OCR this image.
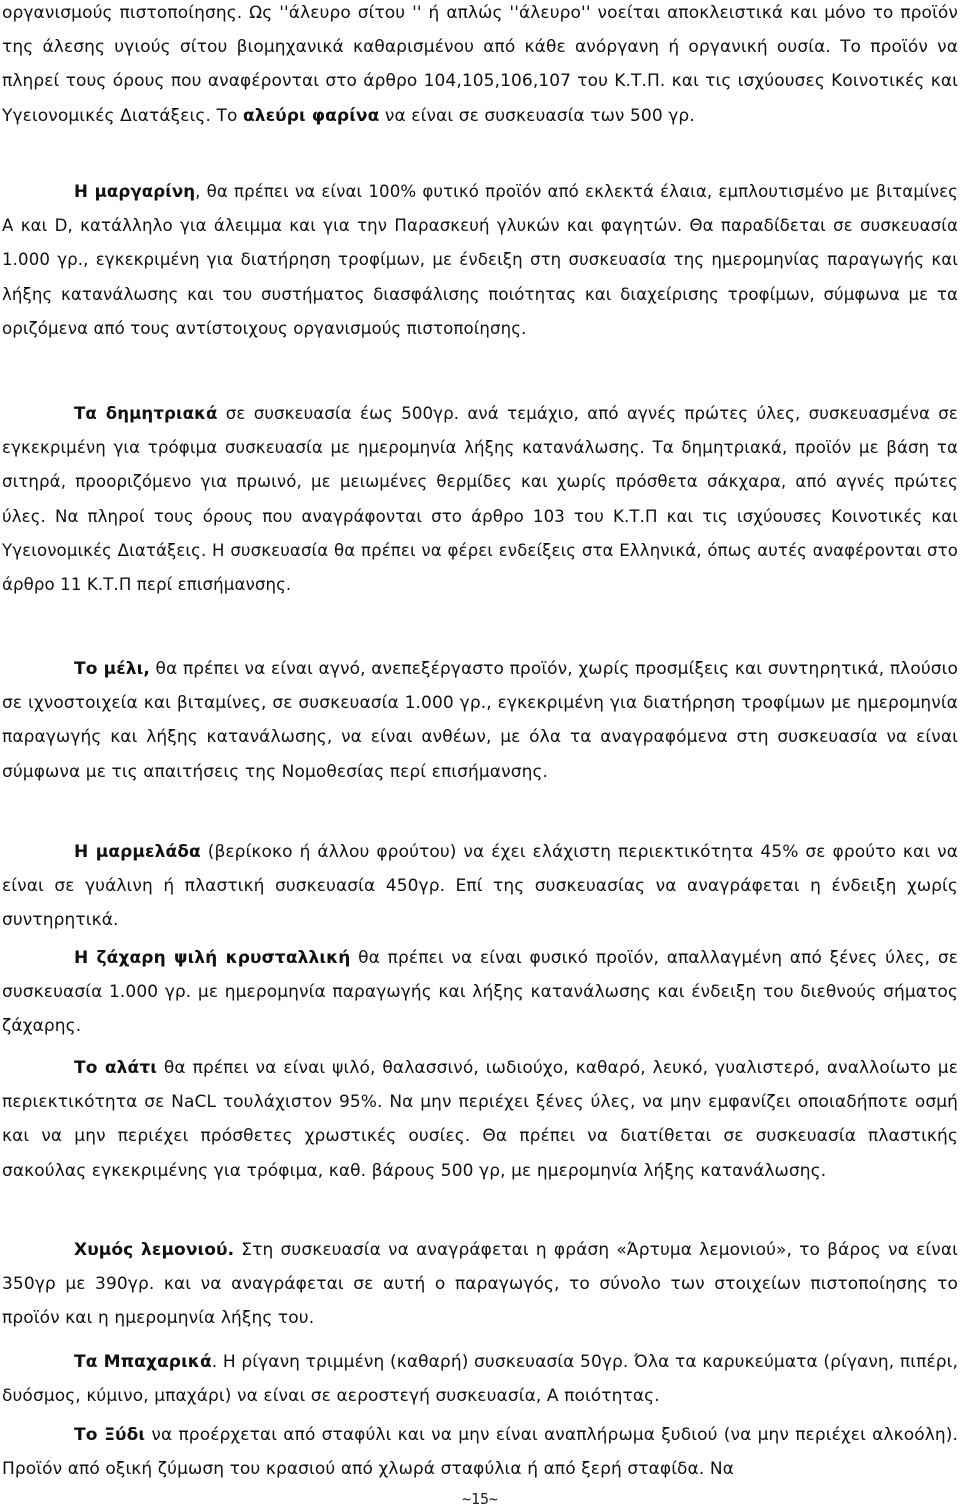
οργανισμούς πιστοποίησης. Ως ''άλευρο σίτου '' ή απλώς ''άλευρο'' νοείται αποκλειστικά και μόνο το προϊόν της άλεσης υγιούς σίτου βιομηχανικά καθαρισμένου από κάθε ανόργανη ή οργανική ουσία. Το προϊόν να πληρεί τους όρους που αναφέρονται στο άρθρο 104,105,106,107 του Κ.Τ.Π. και τις ισχύουσες Κοινοτικές και Υγειονομικές Διατάξεις. Το αλεύρι φαρίνα να είναι σε συσκευασία των 500 γρ.

Η μαργαρίνη, θα πρέπει να είναι 100% φυτικό προϊόν από εκλεκτά έλαια, εμπλουτισμένο με βιταμίνες A και D, κατάλληλο για άλειμμα και για την Παρασκευή γλυκών και φαγητών. Θα παραδίδεται σε συσκευασία 1.000 γρ., εγκεκριμένη για διατήρηση τροφίμων, με ένδειξη στη συσκευασία της ημερομηνίας παραγωγής και λήξης κατανάλωσης και του συστήματος διασφάλισης ποιότητας και διαχείρισης τροφίμων, σύμφωνα με τα οριζόμενα από τους αντίστοιχους οργανισμούς πιστοποίησης.

Τα δημητριακά σε συσκευασία έως 500γρ. ανά τεμάχιο, από αγνές πρώτες ύλες, συσκευασμένα σε εγκεκριμένη για τρόφιμα συσκευασία με ημερομηνία λήξης κατανάλωσης. Τα δημητριακά, προϊόν με βάση τα σιτηρά, προοριζόμενο για πρωινό, με μειωμένες θερμίδες και χωρίς πρόσθετα σάκχαρα, από αγνές πρώτες ύλες. Να πληροί τους όρους που αναγράφονται στο άρθρο 103 του Κ.Τ.Π και τις ισχύουσες Κοινοτικές και Υγειονομικές Διατάξεις. Η συσκευασία θα πρέπει να φέρει ενδείξεις στα Ελληνικά, όπως αυτές αναφέρονται στο άρθρο 11 Κ.Τ.Π περί επισήμανσης.

Το μέλι, θα πρέπει να είναι αγνό, ανεπεξέργαστο προϊόν, χωρίς προσμίξεις και συντηρητικά, πλούσιο σε ιχνοστοιχεία και βιταμίνες, σε συσκευασία 1.000 γρ., εγκεκριμένη για διατήρηση τροφίμων με ημερομηνία παραγωγής και λήξης κατανάλωσης, να είναι ανθέων, με όλα τα αναγραφόμενα στη συσκευασία να είναι σύμφωνα με τις απαιτήσεις της Νομοθεσίας περί επισήμανσης.

Η μαρμελάδα (βερίκοκο ή άλλου φρούτου) να έχει ελάχιστη περιεκτικότητα 45% σε φρούτο και να είναι σε γυάλινη ή πλαστική συσκευασία 450γρ. Επί της συσκευασίας να αναγράφεται η ένδειξη χωρίς συντηρητικά.

Η ζάχαρη ψιλή κρυσταλλική θα πρέπει να είναι φυσικό προϊόν, απαλλαγμένη από ξένες ύλες, σε συσκευασία 1.000 γρ. με ημερομηνία παραγωγής και λήξης κατανάλωσης και ένδειξη του διεθνούς σήματος ζάχαρης.

Το αλάτι θα πρέπει να είναι ψιλό, θαλασσινό, ιωδιούχο, καθαρό, λευκό, γυαλιστερό, αναλλοίωτο με περιεκτικότητα σε NaCL τουλάχιστον 95%. Να μην περιέχει ξένες ύλες, να μην εμφανίζει οποιαδήποτε οσμή και να μην περιέχει πρόσθετες χρωστικές ουσίες. Θα πρέπει να διατίθεται σε συσκευασία πλαστικής σακούλας εγκεκριμένης για τρόφιμα, καθ. βάρους 500 γρ, με ημερομηνία λήξης κατανάλωσης.

Χυμός λεμονιού. Στη συσκευασία να αναγράφεται η φράση «Άρτυμα λεμονιού», το βάρος να είναι 350γρ με 390γρ. και να αναγράφεται σε αυτή ο παραγωγός, το σύνολο των στοιχείων πιστοποίησης το προϊόν και η ημερομηνία λήξης του.

Τα Μπαχαρικά. Η ρίγανη τριμμένη (καθαρή) συσκευασία 50γρ. Όλα τα καρυκεύματα (ρίγανη, πιπέρι, δυόσμος, κύμινο, μπαχάρι) να είναι σε αεροστεγή συσκευασία, Α ποιότητας.

Το Ξύδι να προέρχεται από σταφύλι και να μην είναι αναπλήρωμα ξυδιού (να μην περιέχει αλκοόλη). Προϊόν από οξική ζύμωση του κρασιού από χλωρά σταφύλια ή από ξερή σταφίδα. Να

~15~
